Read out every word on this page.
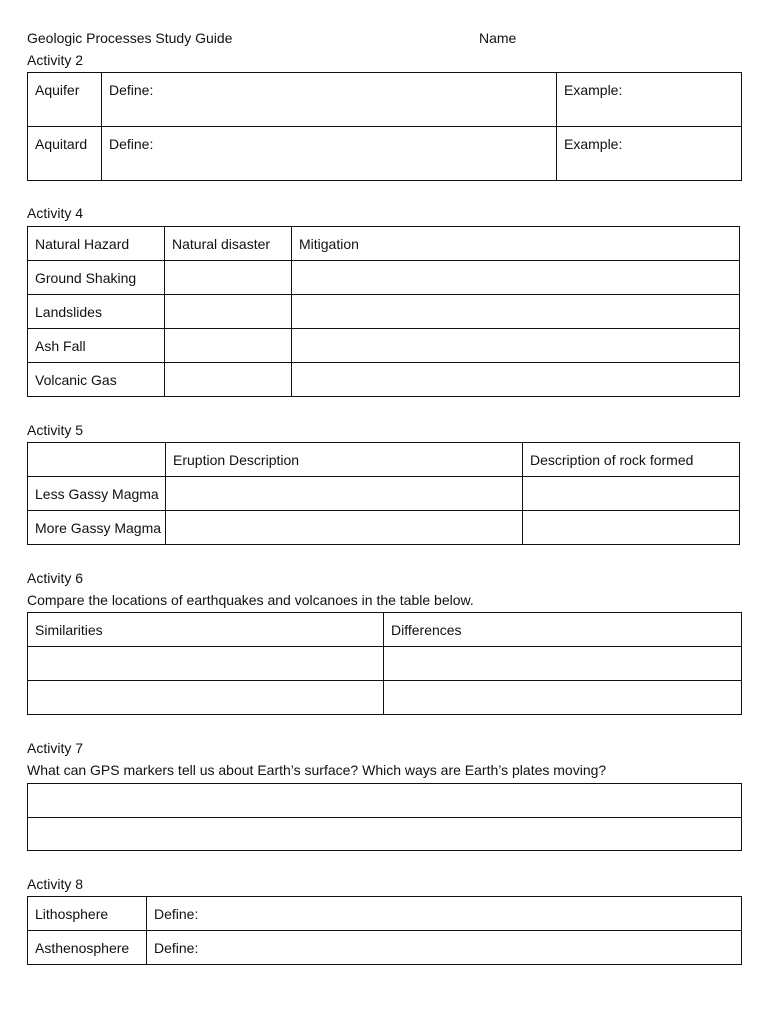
Geologic Processes Study Guide	Name
Activity 2
Aquifer	Define:	Example:
Aquitard	Define:	Example:
Activity 4
Natural Hazard	Natural disaster	Mitigation
Ground Shaking		
Landslides		
Ash Fall		
Volcanic Gas		
Activity 5
	Eruption Description	Description of rock formed
Less Gassy Magma		
More Gassy Magma		
Activity 6
Compare the locations of earthquakes and volcanoes in the table below.
Similarities	Differences

Activity 7
What can GPS markers tell us about Earth’s surface? Which ways are Earth’s plates moving?

Activity 8
Lithosphere	Define:
Asthenosphere	Define:
